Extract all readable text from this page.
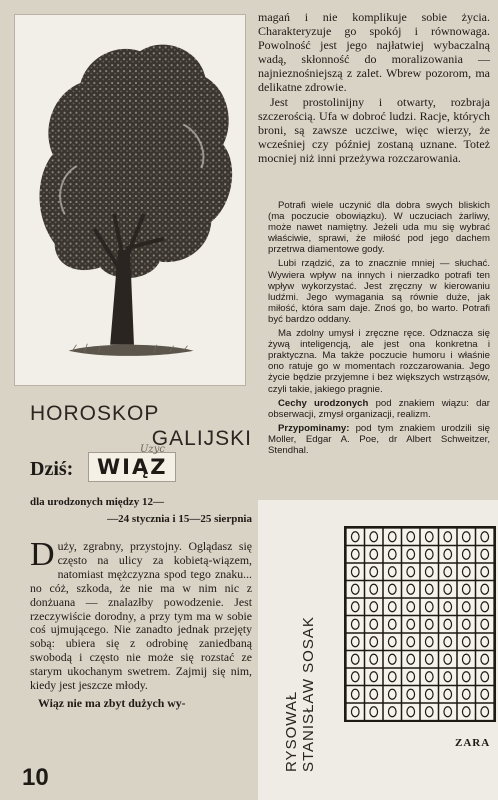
HOROSKOP
GALIJSKI
Dziś:	WIĄZ
Uzyc
dla urodzonych między 12—
—24 stycznia i 15—25 sierpnia

Duży, zgrabny, przystojny. Oglądasz się często na ulicy za kobietą-wiązem, natomiast mężczyzna spod tego znaku... no cóż, szkoda, że nie ma w nim nic z donżuana — znalazłby powodzenie. Jest rzeczywiście dorodny, a przy tym ma w sobie coś ujmującego. Nie zanadto jednak przejęty sobą: ubiera się z odrobinę zaniedbaną swobodą i często nie może się rozstać ze starym ukochanym swetrem. Zajmij się nim, kiedy jest jeszcze młody.

Wiąz nie ma zbyt dużych wy-

10

magań i nie komplikuje sobie życia. Charakteryzuje go spokój i równowaga. Powolność jest jego najłatwiej wybaczalną wadą, skłonność do moralizowania — najnieznośniejszą z zalet. Wbrew pozorom, ma delikatne zdrowie.

Jest prostolinijny i otwarty, rozbraja szczerością. Ufa w dobroć ludzi. Racje, których broni, są zawsze uczciwe, więc wierzy, że wcześniej czy później zostaną uznane. Toteż mocniej niż inni przeżywa rozczarowania.

Potrafi wiele uczynić dla dobra swych bliskich (ma poczucie obowiązku). W uczuciach żarliwy, może nawet namiętny. Jeżeli uda mu się wybrać właściwie, sprawi, że miłość pod jego dachem przetrwa diamentowe gody.

Lubi rządzić, za to znacznie mniej — słuchać. Wywiera wpływ na innych i nierzadko potrafi ten wpływ wykorzystać. Jest zręczny w kierowaniu ludźmi. Jego wymagania są równie duże, jak miłość, która sam daje. Znoś go, bo warto. Potrafi być bardzo oddany.

Ma zdolny umysł i zręczne ręce. Odznacza się żywą inteligencją, ale jest ona konkretna i praktyczna. Ma także poczucie humoru i właśnie ono ratuje go w momentach rozczarowania. Jego życie będzie przyjemne i bez większych wstrząsów, czyli takie, jakiego pragnie.

Cechy urodzonych pod znakiem wiązu: dar obserwacji, zmysł organizacji, realizm.

Przypominamy: pod tym znakiem urodzili się Moller, Edgar A. Poe, dr Albert Schweitzer, Stendhal.

RYSOWAŁ STANISŁAW SOSAK	ZARA
